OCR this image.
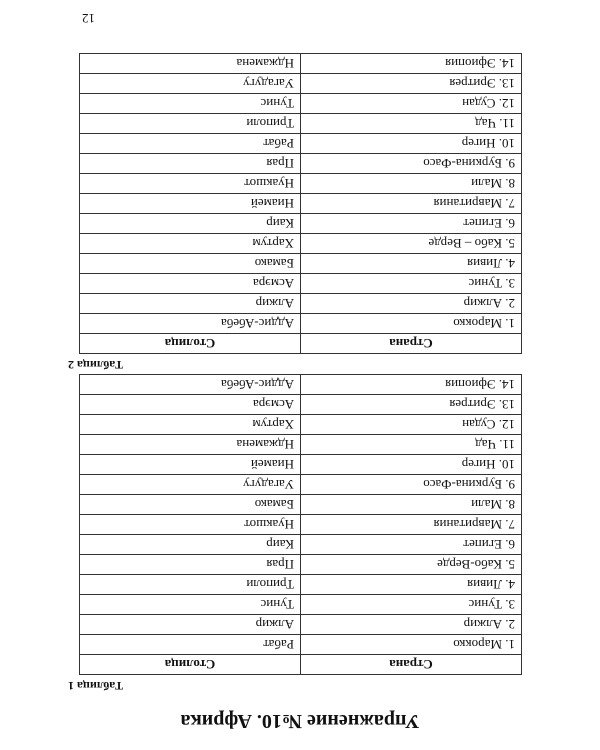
Упражнение №10. Африка
Таблица 1
Страна	Столица
1. Марокко	Рабат
2. Алжир	Алжир
3. Тунис	Тунис
4. Ливия	Триполи
5. Кабо-Верде	Прая
6. Египет	Каир
7. Мавритания	Нуакшот
8. Мали	Бамако
9. Буркина-Фасо	Уагадугу
10. Нигер	Ниамей
11. Чад	Нджамена
12. Судан	Хартум
13. Эритрея	Асмэра
14. Эфиопия	Аддис-Абеба
Таблица 2
Страна	Столица
1. Марокко	Аддис-Абеба
2. Алжир	Алжир
3. Тунис	Асмэра
4. Ливия	Бамако
5. Кабо – Верде	Хартум
6. Египет	Каир
7. Мавритания	Ниамей
8. Мали	Нуакшот
9. Буркина-Фасо	Прая
10. Нигер	Рабат
11. Чад	Триполи
12. Судан	Тунис
13. Эритрея	Уагадугу
14. Эфиопия	Нджамена
12
